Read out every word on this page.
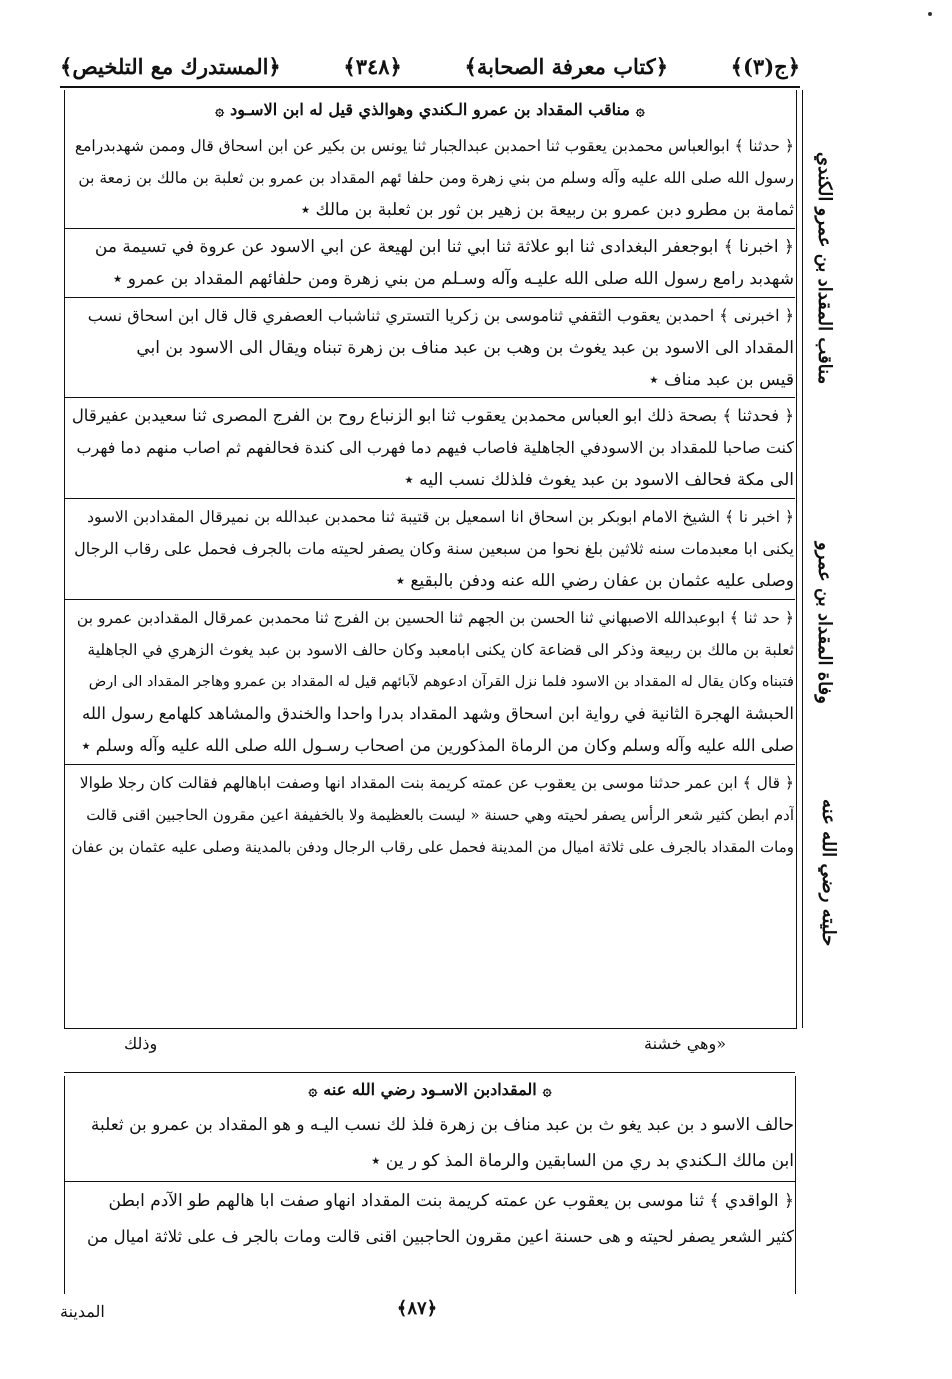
﴿المستدرك مع التلخيص﴾	﴿٣٤٨﴾	﴿كتاب معرفة الصحابة﴾	﴿ج(٣)﴾
۞مناقب المقداد بن عمرو الـكندي وهوالذي قيل له ابن الاسـود۞
﴿ حدثنا ﴾ ابوالعباس محمدبن يعقوب ثنا احمدبن عبدالجبار ثنا يونس بن بكير عن ابن اسحاق قال وممن شهدبدرامع
رسول الله صلى الله عليه وآله وسلم من بني زهرة ومن حلفا ئهم المقداد بن عمرو بن ثعلبة بن مالك بن زمعة بن
ثمامة بن مطرو دبن عمرو بن ربيعة بن زهير بن ثور بن ثعلبة بن مالك ٭
﴿ اخبرنا ﴾ ابوجعفر البغدادى ثنا ابو علاثة ثنا ابي ثنا ابن لهيعة عن ابي الاسود عن عروة في تسيمة من
شهدبد رامع رسول الله صلى الله عليـه وآله وسـلم من بني زهرة ومن حلفائهم المقداد بن عمرو ٭
﴿ اخبرنى ﴾ احمدبن يعقوب الثقفي ثناموسى بن زكريا التستري ثناشباب العصفري قال قال ابن اسحاق نسب
المقداد الى الاسود بن عبد يغوث بن وهب بن عبد مناف بن زهرة تبناه ويقال الى الاسود بن ابي
قيس بن عبد مناف ٭
﴿ فحدثنا ﴾ بصحة ذلك ابو العباس محمدبن يعقوب ثنا ابو الزنباع روح بن الفرج المصرى ثنا سعيدبن عفيرقال
كنت صاحبا للمقداد بن الاسودفي الجاهلية فاصاب فيهم دما فهرب الى كندة فحالفهم ثم اصاب منهم دما فهرب
الى مكة فحالف الاسود بن عبد يغوث فلذلك نسب اليه ٭
﴿ اخبر نا ﴾ الشيخ الامام ابوبكر بن اسحاق انا اسمعيل بن قتيبة ثنا محمدبن عبدالله بن نميرقال المقدادبن الاسود
يكنى ابا معبدمات سنه ثلاثين بلغ نحوا من سبعين سنة وكان يصفر لحيته مات بالجرف فحمل على رقاب الرجال
وصلى عليه عثمان بن عفان رضي الله عنه ودفن بالبقيع ٭
﴿ حد ثنا ﴾ ابوعبدالله الاصبهاني ثنا الحسن بن الجهم ثنا الحسين بن الفرج ثنا محمدبن عمرقال المقدادبن عمرو بن
ثعلبة بن مالك بن ربيعة وذكر الى قضاعة كان يكنى ابامعبد وكان حالف الاسود بن عبد يغوث الزهري في الجاهلية
فتبناه وكان يقال له المقداد بن الاسود فلما نزل القرآن ادعوهم لآبائهم قيل له المقداد بن عمرو وهاجر المقداد الى ارض
الحبشة الهجرة الثانية في رواية ابن اسحاق وشهد المقداد بدرا واحدا والخندق والمشاهد كلهامع رسول الله
صلى الله عليه وآله وسلم وكان من الرماة المذكورين من اصحاب رسـول الله صلى الله عليه وآله وسلم ٭
﴿ قال ﴾ ابن عمر حدثنا موسى بن يعقوب عن عمته كريمة بنت المقداد انها وصفت اباهالهم فقالت كان رجلا طوالا
آدم ابطن كثير شعر الرأس يصفر لحيته وهي حسنة « ليست بالعظيمة ولا بالخفيفة اعين مقرون الحاجبين اقنى قالت
ومات المقداد بالجرف على ثلاثة اميال من المدينة فحمل على رقاب الرجال ودفن بالمدينة وصلى عليه عثمان بن عفان
«وهي خشنة
وذلك
مناقب المقداد بن عمرو الكندي
وفاة المقداد بن عمرو
حليته رضي الله عنه
۞المقدادبن الاسـود رضي الله عنه۞
حالف الاسو د بن عبد يغو ث بن عبد مناف بن زهرة فلذ لك نسب اليـه و هو المقداد بن عمرو بن ثعلبة
ابن مالك الـكندي بد ري من السابقين والرماة المذ كو ر ين ٭
﴿ الواقدي ﴾ ثنا موسى بن يعقوب عن عمته كريمة بنت المقداد انهاو صفت ابا هالهم طو الآدم ابطن
كثير الشعر يصفر لحيته و هى حسنة اعين مقرون الحاجبين اقنى قالت ومات بالجر ف على ثلاثة اميال من
﴿٨٧﴾
المدينة
